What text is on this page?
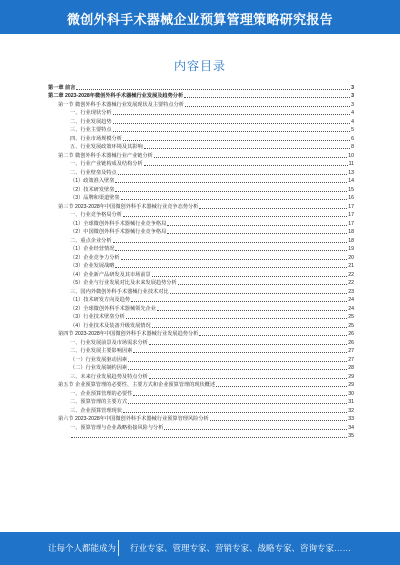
微创外科手术器械企业预算管理策略研究报告
内容目录
第一章 前言	3
第二章 2023-2028年微创外科手术器械行业发展及趋势分析	3
第一节 微创外科手术器械行业发展现状及主要特点分析	3
一、行业现状分析	4
二、行业发展趋势	4
三、行业主要特点	5
四、行业市场规模分析	6
五、行业发展政策环境及其影响	8
第二节 微创外科手术器械行业产业链分析	10
一、行业产业链构成及结构分析	11
二、行业壁垒及特点	13
（1）政策准入壁垒	14
（2）技术研发壁垒	15
（3）品牌和渠道壁垒	16
第三节 2023-2028年中国微创外科手术器械行业竞争态势分析	17
一、行业竞争格局分析	17
（1）全球微创外科手术器械行业竞争格局	17
（2）中国微创外科手术器械行业竞争格局	18
二、重点企业分析	18
（1）企业经营情况	19
（2）企业竞争力分析	20
（3）企业发展战略	21
（4）企业新产品研发及其市场前景	22
（5）企业与行业发展对比及未来发展趋势分析	22
三、国内外微创外科手术器械行业技术对比	23
（1）技术研发方向及趋势	24
（2）全球微创外科手术器械领先企业	24
（3）行业技术壁垒分析	25
（4）行业技术及装备升级发展情况	25
第四节 2023-2028年中国微创外科手术器械行业发展趋势分析	26
一、行业发展前景及市场需求分析	26
二、行业发展主要影响因素	27
（一）行业发展驱动因素	27
（二）行业发展制约因素	28
三、未来行业发展趋势及特点分析	29
第五节 企业预算管理的必要性、主要方式和企业预算管理的现状概述	29
一、企业预算管理的必要性	30
二、预算管理的主要方式	31
三、企业预算管理现状	32
第六节 2023-2028年中国微创外科手术器械行业预算管理风险分析	33
一、预算管理与企业战略衔接风险与分析	34
35
让每个人都能成为 行业专家、管理专家、营销专家、战略专家、咨询专家……
